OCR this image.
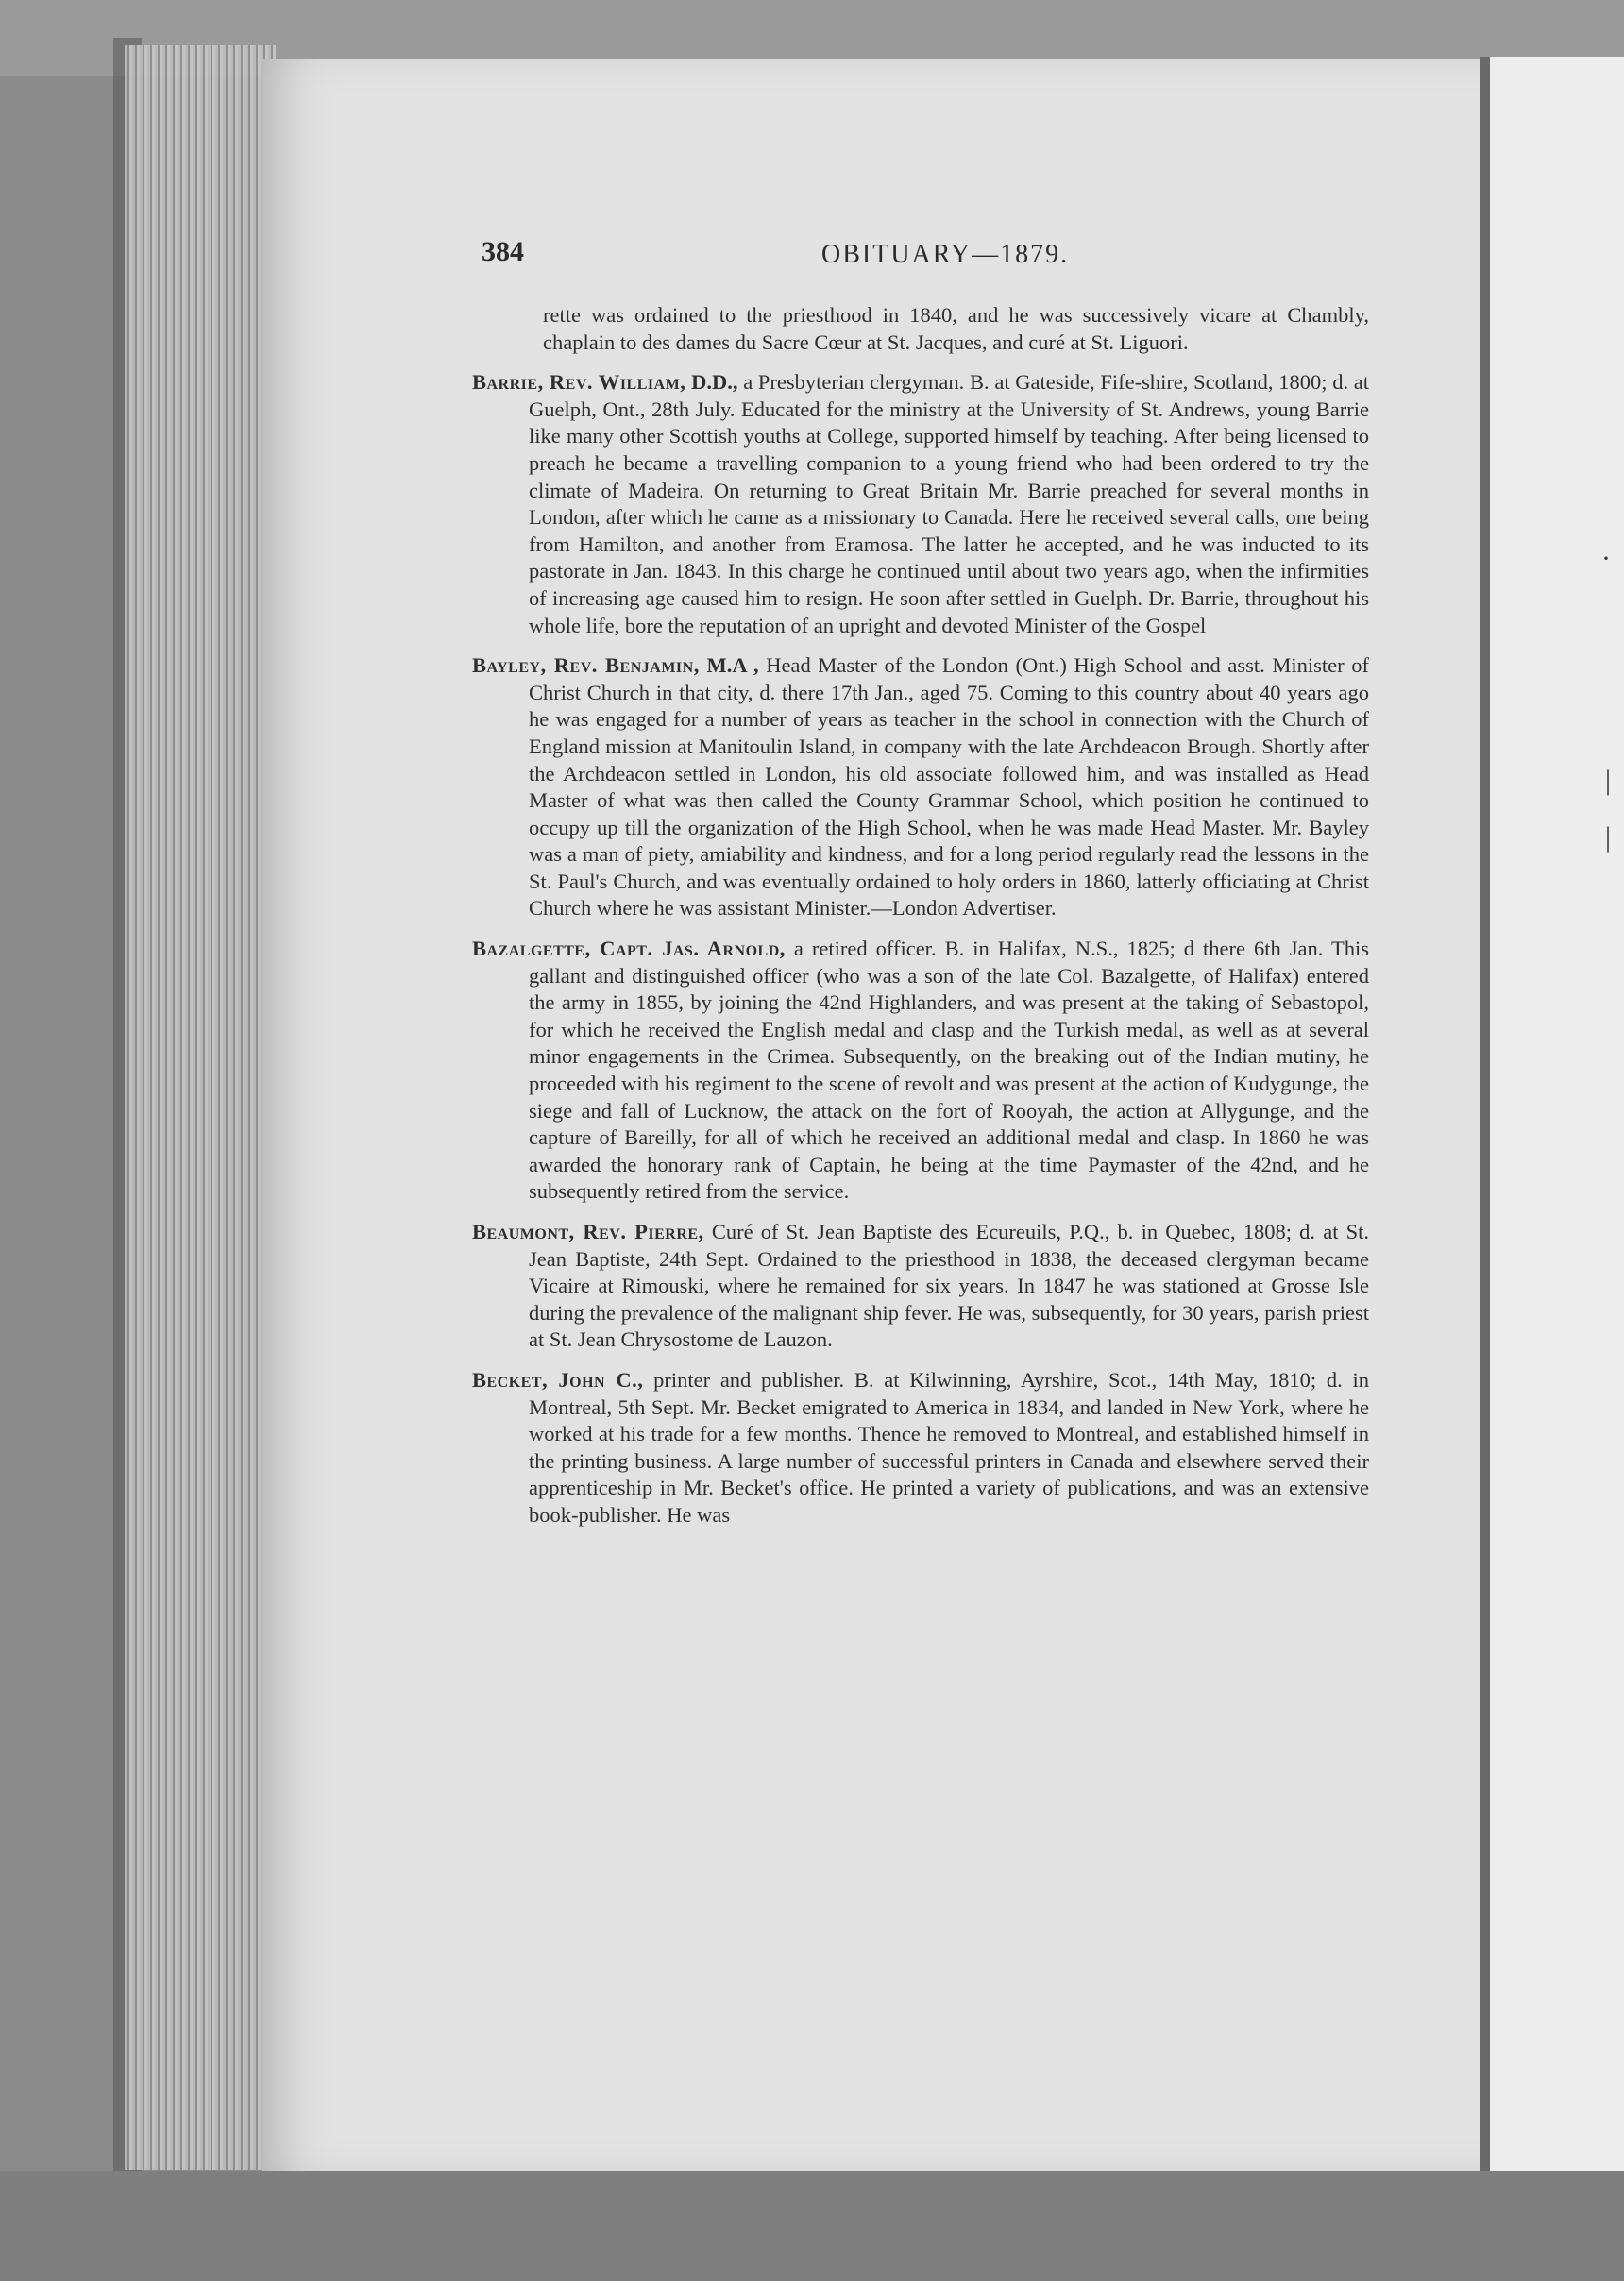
384	OBITUARY—1879.

rette was ordained to the priesthood in 1840, and he was successively vicare at Chambly, chaplain to des dames du Sacre Cœur at St. Jacques, and curé at St. Liguori.

Barrie, Rev. William, D.D., a Presbyterian clergyman. B. at Gateside, Fife-shire, Scotland, 1800; d. at Guelph, Ont., 28th July. Educated for the ministry at the University of St. Andrews, young Barrie like many other Scottish youths at College, supported himself by teaching. After being licensed to preach he became a travelling companion to a young friend who had been ordered to try the climate of Madeira. On returning to Great Britain Mr. Barrie preached for several months in London, after which he came as a missionary to Canada. Here he received several calls, one being from Hamilton, and another from Eramosa. The latter he accepted, and he was inducted to its pastorate in Jan. 1843. In this charge he continued until about two years ago, when the infirmities of increasing age caused him to resign. He soon after settled in Guelph. Dr. Barrie, throughout his whole life, bore the reputation of an upright and devoted Minister of the Gospel

Bayley, Rev. Benjamin, M.A , Head Master of the London (Ont.) High School and asst. Minister of Christ Church in that city, d. there 17th Jan., aged 75. Coming to this country about 40 years ago he was engaged for a number of years as teacher in the school in connection with the Church of England mission at Manitoulin Island, in company with the late Archdeacon Brough. Shortly after the Archdeacon settled in London, his old associate followed him, and was installed as Head Master of what was then called the County Grammar School, which position he continued to occupy up till the organization of the High School, when he was made Head Master. Mr. Bayley was a man of piety, amiability and kindness, and for a long period regularly read the lessons in the St. Paul's Church, and was eventually ordained to holy orders in 1860, latterly officiating at Christ Church where he was assistant Minister.—London Advertiser.

Bazalgette, Capt. Jas. Arnold, a retired officer. B. in Halifax, N.S., 1825; d there 6th Jan. This gallant and distinguished officer (who was a son of the late Col. Bazalgette, of Halifax) entered the army in 1855, by joining the 42nd Highlanders, and was present at the taking of Sebastopol, for which he received the English medal and clasp and the Turkish medal, as well as at several minor engagements in the Crimea. Subsequently, on the breaking out of the Indian mutiny, he proceeded with his regiment to the scene of revolt and was present at the action of Kudygunge, the siege and fall of Lucknow, the attack on the fort of Rooyah, the action at Allygunge, and the capture of Bareilly, for all of which he received an additional medal and clasp. In 1860 he was awarded the honorary rank of Captain, he being at the time Paymaster of the 42nd, and he subsequently retired from the service.

Beaumont, Rev. Pierre, Curé of St. Jean Baptiste des Ecureuils, P.Q., b. in Quebec, 1808; d. at St. Jean Baptiste, 24th Sept. Ordained to the priesthood in 1838, the deceased clergyman became Vicaire at Rimouski, where he remained for six years. In 1847 he was stationed at Grosse Isle during the prevalence of the malignant ship fever. He was, subsequently, for 30 years, parish priest at St. Jean Chrysostome de Lauzon.

Becket, John C., printer and publisher. B. at Kilwinning, Ayrshire, Scot., 14th May, 1810; d. in Montreal, 5th Sept. Mr. Becket emigrated to America in 1834, and landed in New York, where he worked at his trade for a few months. Thence he removed to Montreal, and established himself in the printing business. A large number of successful printers in Canada and elsewhere served their apprenticeship in Mr. Becket's office. He printed a variety of publications, and was an extensive book-publisher. He was

·
|
|
